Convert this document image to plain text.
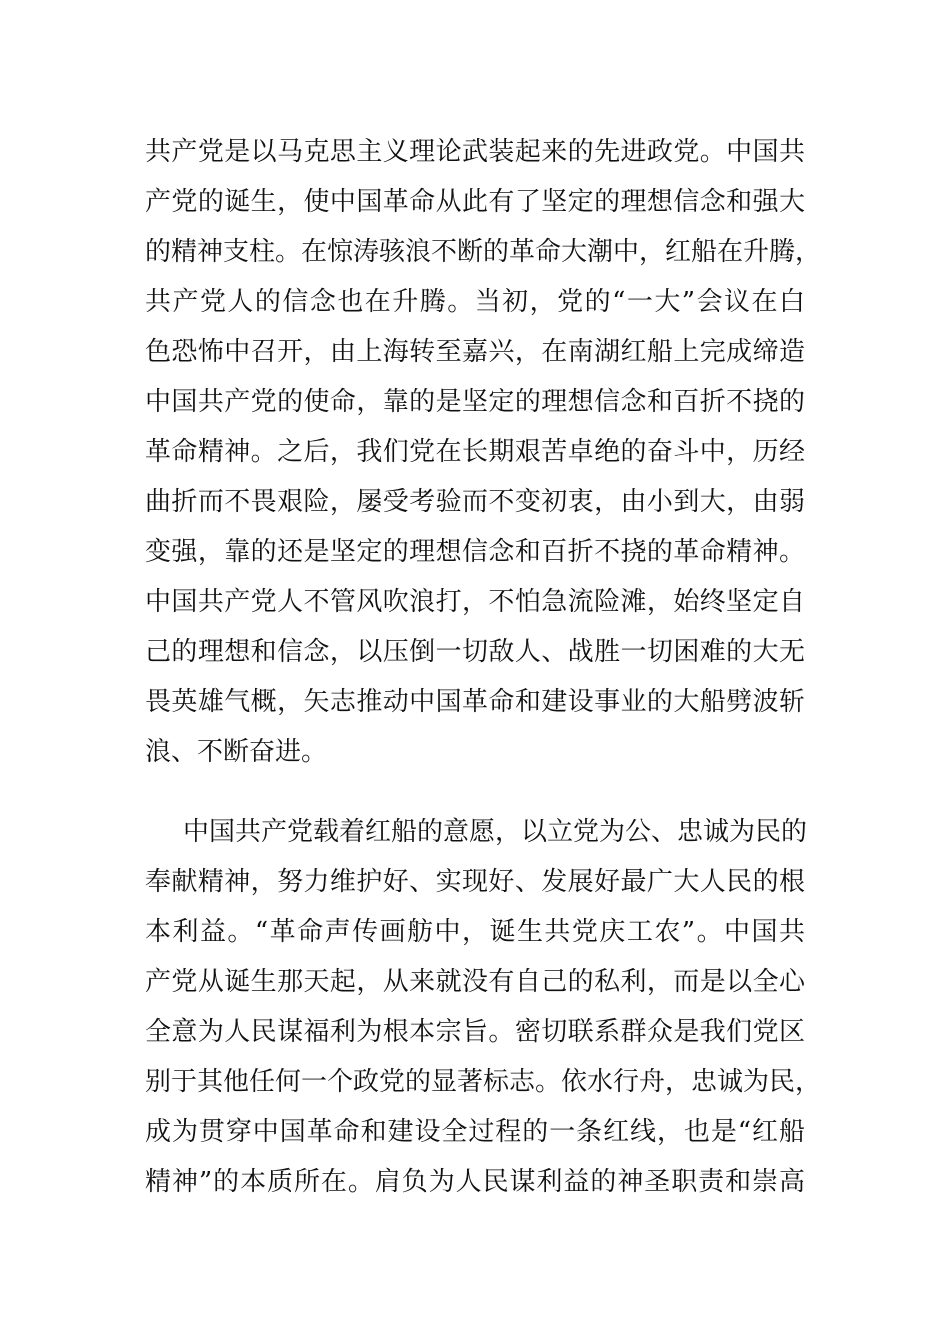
共产党是以马克思主义理论武装起来的先进政党。中国共
产党的诞生，使中国革命从此有了坚定的理想信念和强大
的精神支柱。在惊涛骇浪不断的革命大潮中，红船在升腾，
共产党人的信念也在升腾。当初，党的“一大”会议在白
色恐怖中召开，由上海转至嘉兴，在南湖红船上完成缔造
中国共产党的使命，靠的是坚定的理想信念和百折不挠的
革命精神。之后，我们党在长期艰苦卓绝的奋斗中，历经
曲折而不畏艰险，屡受考验而不变初衷，由小到大，由弱
变强，靠的还是坚定的理想信念和百折不挠的革命精神。
中国共产党人不管风吹浪打，不怕急流险滩，始终坚定自
己的理想和信念，以压倒一切敌人、战胜一切困难的大无
畏英雄气概，矢志推动中国革命和建设事业的大船劈波斩
浪、不断奋进。
中国共产党载着红船的意愿，以立党为公、忠诚为民的
奉献精神，努力维护好、实现好、发展好最广大人民的根
本利益。“革命声传画舫中，诞生共党庆工农”。中国共
产党从诞生那天起，从来就没有自己的私利，而是以全心
全意为人民谋福利为根本宗旨。密切联系群众是我们党区
别于其他任何一个政党的显著标志。依水行舟，忠诚为民，
成为贯穿中国革命和建设全过程的一条红线，也是“红船
精神”的本质所在。肩负为人民谋利益的神圣职责和崇高
